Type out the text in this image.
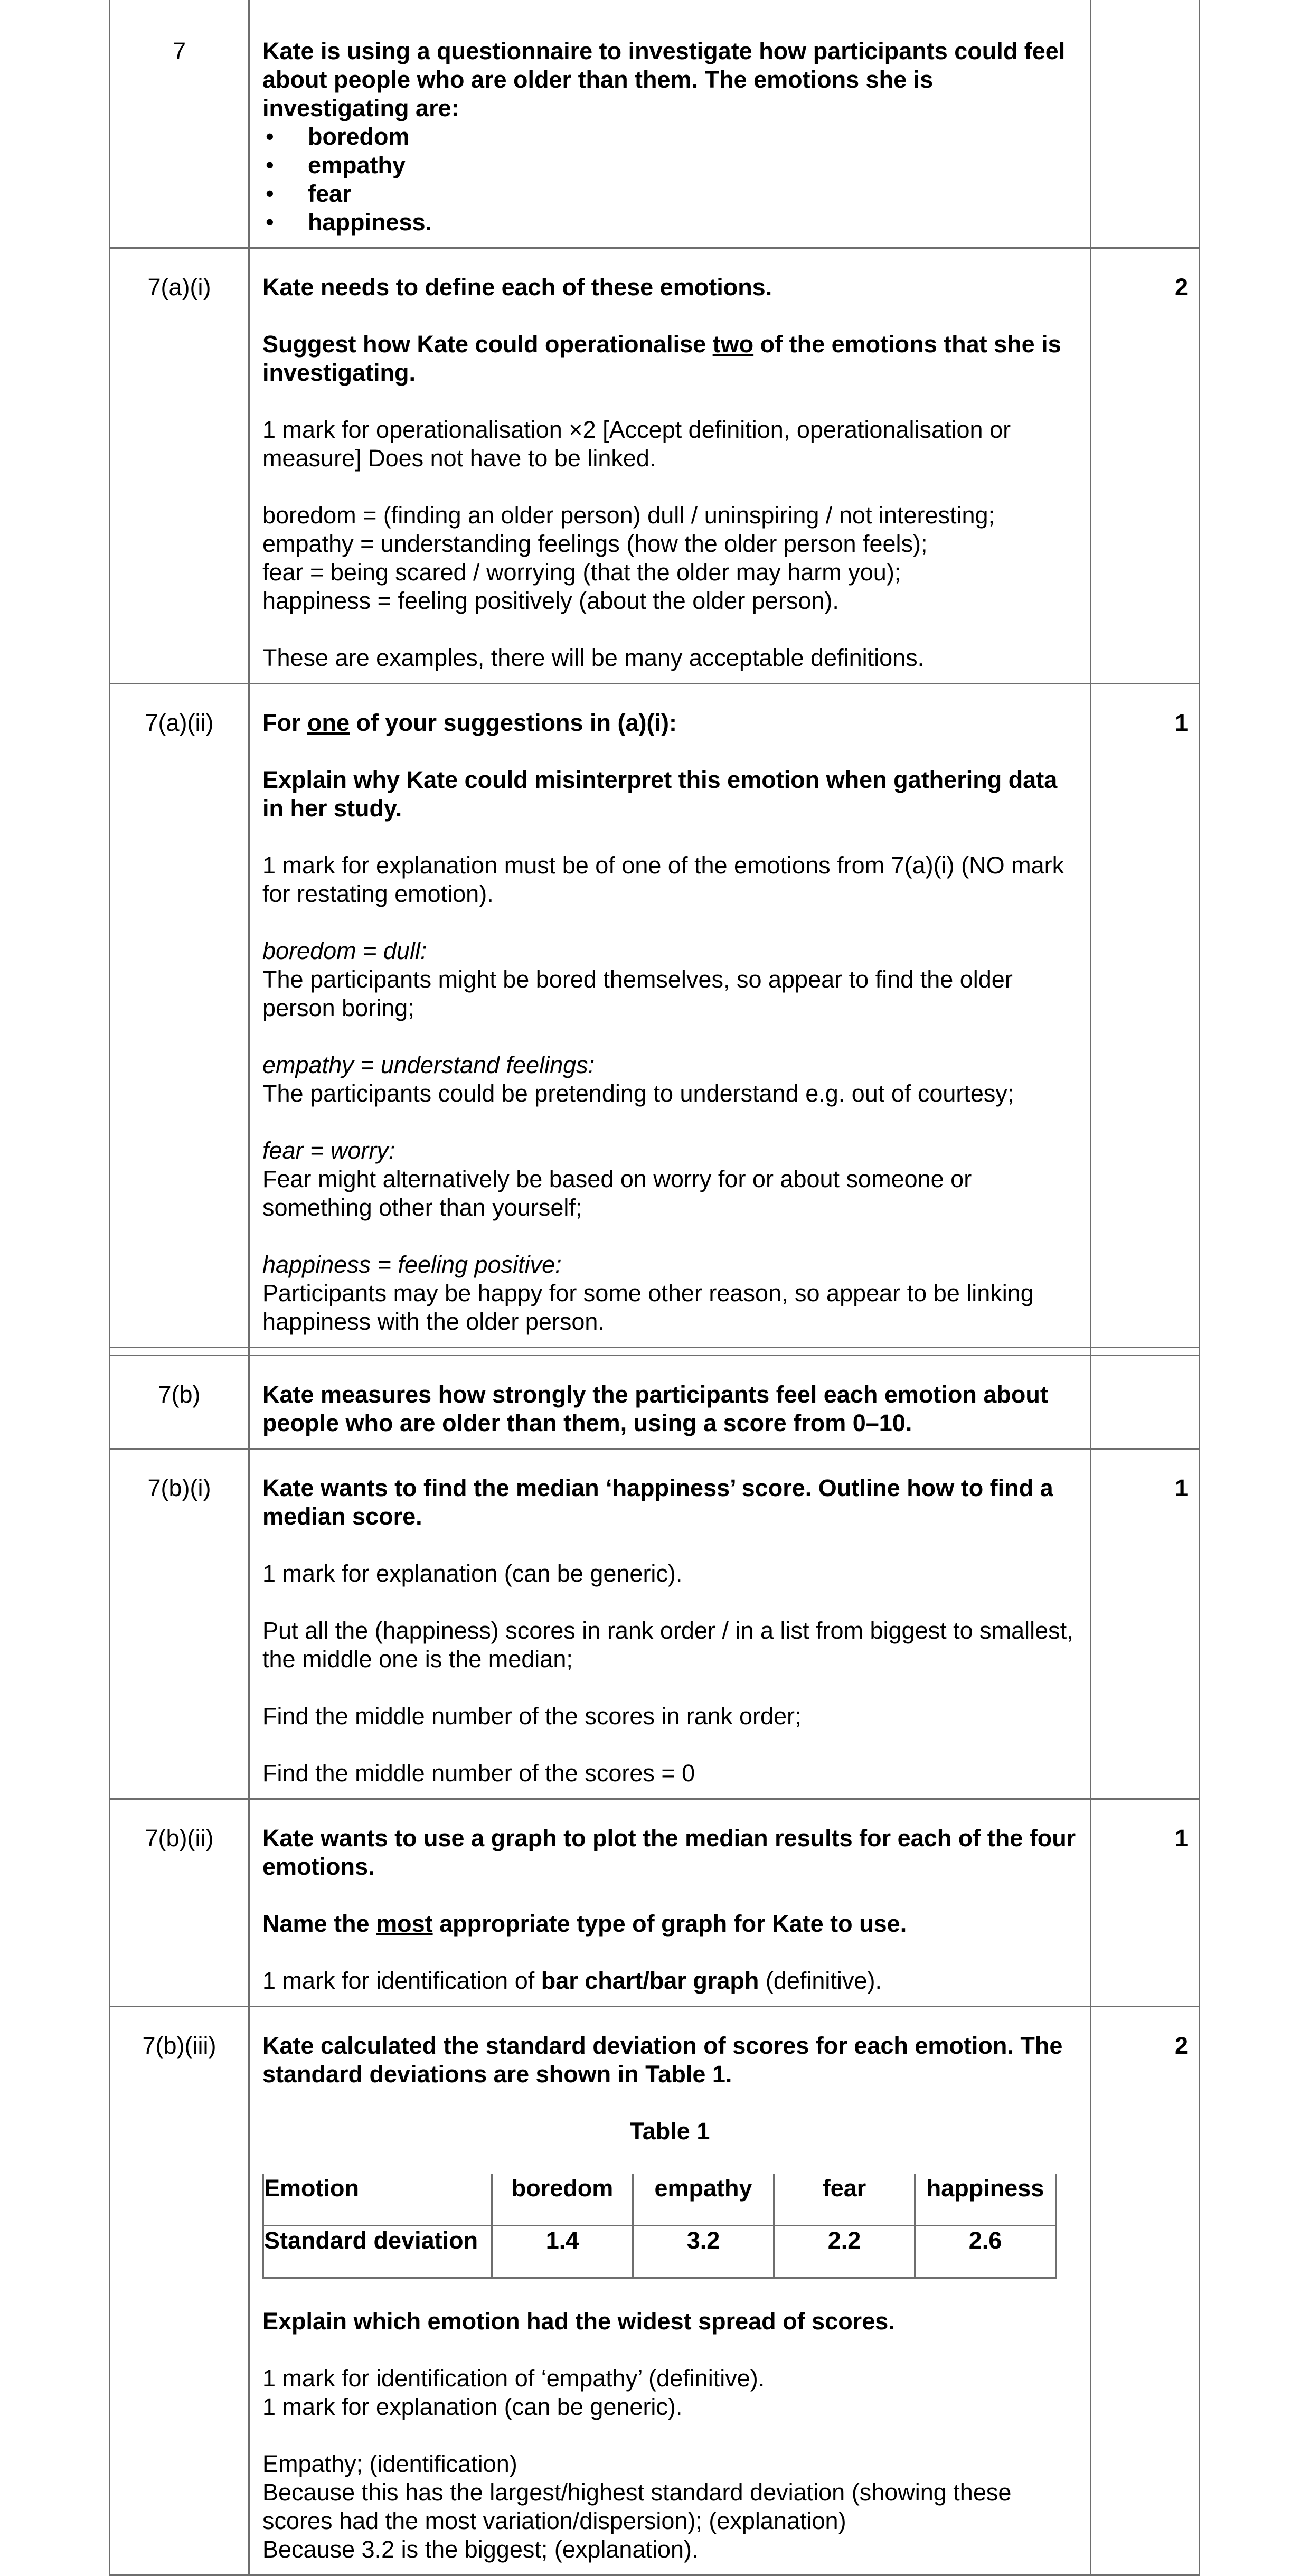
7	Kate is using a questionnaire to investigate how participants could feel about people who are older than them. The emotions she is investigating are:
• boredom
• empathy
• fear
• happiness.

7(a)(i)	Kate needs to define each of these emotions.

Suggest how Kate could operationalise two of the emotions that she is investigating.

1 mark for operationalisation ×2 [Accept definition, operationalisation or measure] Does not have to be linked.

boredom = (finding an older person) dull / uninspiring / not interesting;
empathy = understanding feelings (how the older person feels);
fear = being scared / worrying (that the older may harm you);
happiness = feeling positively (about the older person).

These are examples, there will be many acceptable definitions.

	2
7(a)(ii)	For one of your suggestions in (a)(i):

Explain why Kate could misinterpret this emotion when gathering data in her study.

1 mark for explanation must be of one of the emotions from 7(a)(i) (NO mark for restating emotion).

boredom = dull:
The participants might be bored themselves, so appear to find the older person boring;

empathy = understand feelings:
The participants could be pretending to understand e.g. out of courtesy;

fear = worry:
Fear might alternatively be based on worry for or about someone or something other than yourself;

happiness = feeling positive:
Participants may be happy for some other reason, so appear to be linking happiness with the older person.

	1

7(b)	Kate measures how strongly the participants feel each emotion about people who are older than them, using a score from 0–10.

7(b)(i)	Kate wants to find the median ‘happiness’ score. Outline how to find a median score.

1 mark for explanation (can be generic).

Put all the (happiness) scores in rank order / in a list from biggest to smallest, the middle one is the median;

Find the middle number of the scores in rank order;

Find the middle number of the scores = 0

	1
7(b)(ii)	Kate wants to use a graph to plot the median results for each of the four emotions.

Name the most appropriate type of graph for Kate to use.

1 mark for identification of bar chart/bar graph (definitive).

	1
7(b)(iii)	Kate calculated the standard deviation of scores for each emotion. The standard deviations are shown in Table 1.

Table 1
Emotion	boredom	empathy	fear	happiness
Standard deviation	1.4	3.2	2.2	2.6

Explain which emotion had the widest spread of scores.

1 mark for identification of ‘empathy’ (definitive).
1 mark for explanation (can be generic).

Empathy; (identification)
Because this has the largest/highest standard deviation (showing these scores had the most variation/dispersion); (explanation)
Because 3.2 is the biggest; (explanation).

	2
